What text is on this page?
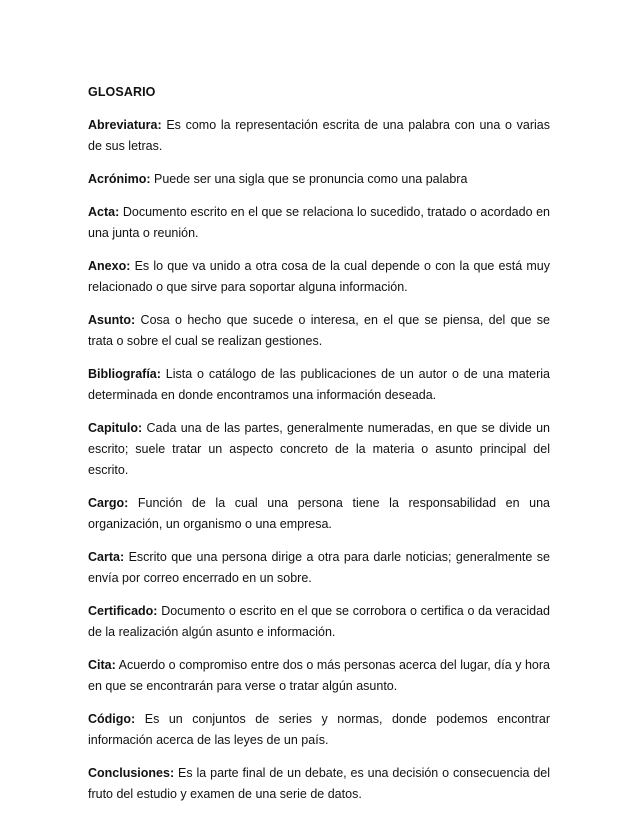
GLOSARIO
Abreviatura: Es como la representación escrita de una palabra con una o varias de sus letras.
Acrónimo: Puede ser una sigla que se pronuncia como una palabra
Acta: Documento escrito en el que se relaciona lo sucedido, tratado o acordado en una junta o reunión.
Anexo: Es lo que va unido a otra cosa de la cual depende o con la que está muy relacionado o que sirve para soportar alguna información.
Asunto: Cosa o hecho que sucede o interesa, en el que se piensa, del que se trata o sobre el cual se realizan gestiones.
Bibliografía: Lista o catálogo de las publicaciones de un autor o de una materia determinada en donde encontramos una información deseada.
Capitulo: Cada una de las partes, generalmente numeradas, en que se divide un escrito; suele tratar un aspecto concreto de la materia o asunto principal del escrito.
Cargo: Función de la cual una persona tiene la responsabilidad en una organización, un organismo o una empresa.
Carta: Escrito que una persona dirige a otra para darle noticias; generalmente se envía por correo encerrado en un sobre.
Certificado: Documento o escrito en el que se corrobora o certifica o da veracidad de la realización algún asunto e información.
Cita: Acuerdo o compromiso entre dos o más personas acerca del lugar, día y hora en que se encontrarán para verse o tratar algún asunto.
Código: Es un conjuntos de series y normas, donde podemos encontrar información acerca de las leyes de un país.
Conclusiones: Es la parte final de un debate, es una decisión o consecuencia del fruto del estudio y examen de una serie de datos.
